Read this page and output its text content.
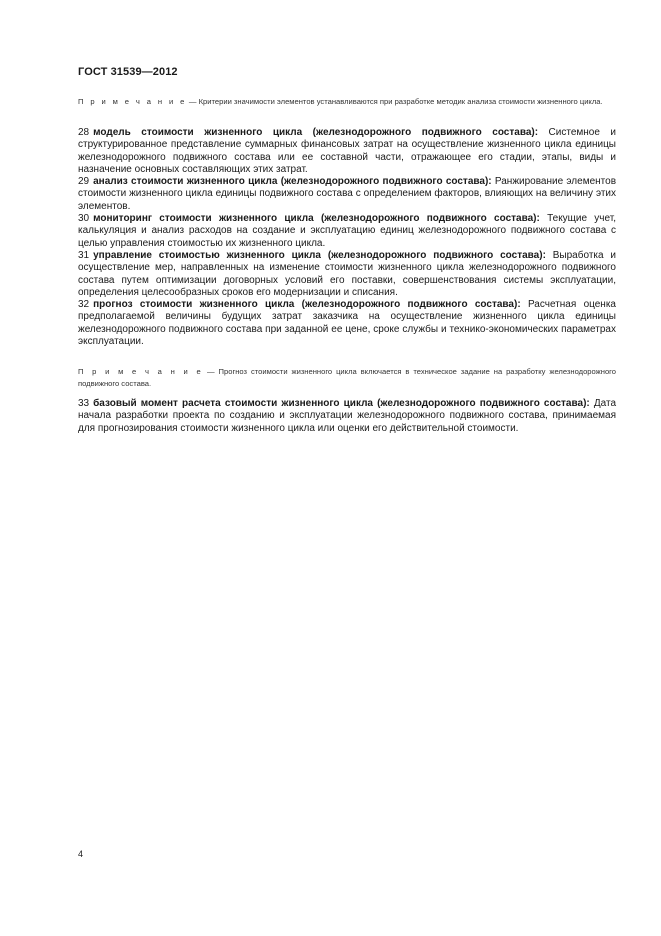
ГОСТ 31539—2012
П р и м е ч а н и е — Критерии значимости элементов устанавливаются при разработке методик анализа стоимости жизненного цикла.
28 модель стоимости жизненного цикла (железнодорожного подвижного состава): Системное и структурированное представление суммарных финансовых затрат на осуществление жизненного цикла единицы железнодорожного подвижного состава или ее составной части, отражающее его стадии, этапы, виды и назначение основных составляющих этих затрат.
29 анализ стоимости жизненного цикла (железнодорожного подвижного состава): Ранжирование элементов стоимости жизненного цикла единицы подвижного состава с определением факторов, влияющих на величину этих элементов.
30 мониторинг стоимости жизненного цикла (железнодорожного подвижного состава): Текущие учет, калькуляция и анализ расходов на создание и эксплуатацию единиц железнодорожного подвижного состава с целью управления стоимостью их жизненного цикла.
31 управление стоимостью жизненного цикла (железнодорожного подвижного состава): Выработка и осуществление мер, направленных на изменение стоимости жизненного цикла железнодорожного подвижного состава путем оптимизации договорных условий его поставки, совершенствования системы эксплуатации, определения целесообразных сроков его модернизации и списания.
32 прогноз стоимости жизненного цикла (железнодорожного подвижного состава): Расчетная оценка предполагаемой величины будущих затрат заказчика на осуществление жизненного цикла единицы железнодорожного подвижного состава при заданной ее цене, сроке службы и технико-экономических параметрах эксплуатации.
П р и м е ч а н и е — Прогноз стоимости жизненного цикла включается в техническое задание на разработку железнодорожного подвижного состава.
33 базовый момент расчета стоимости жизненного цикла (железнодорожного подвижного состава): Дата начала разработки проекта по созданию и эксплуатации железнодорожного подвижного состава, принимаемая для прогнозирования стоимости жизненного цикла или оценки его действительной стоимости.
4
